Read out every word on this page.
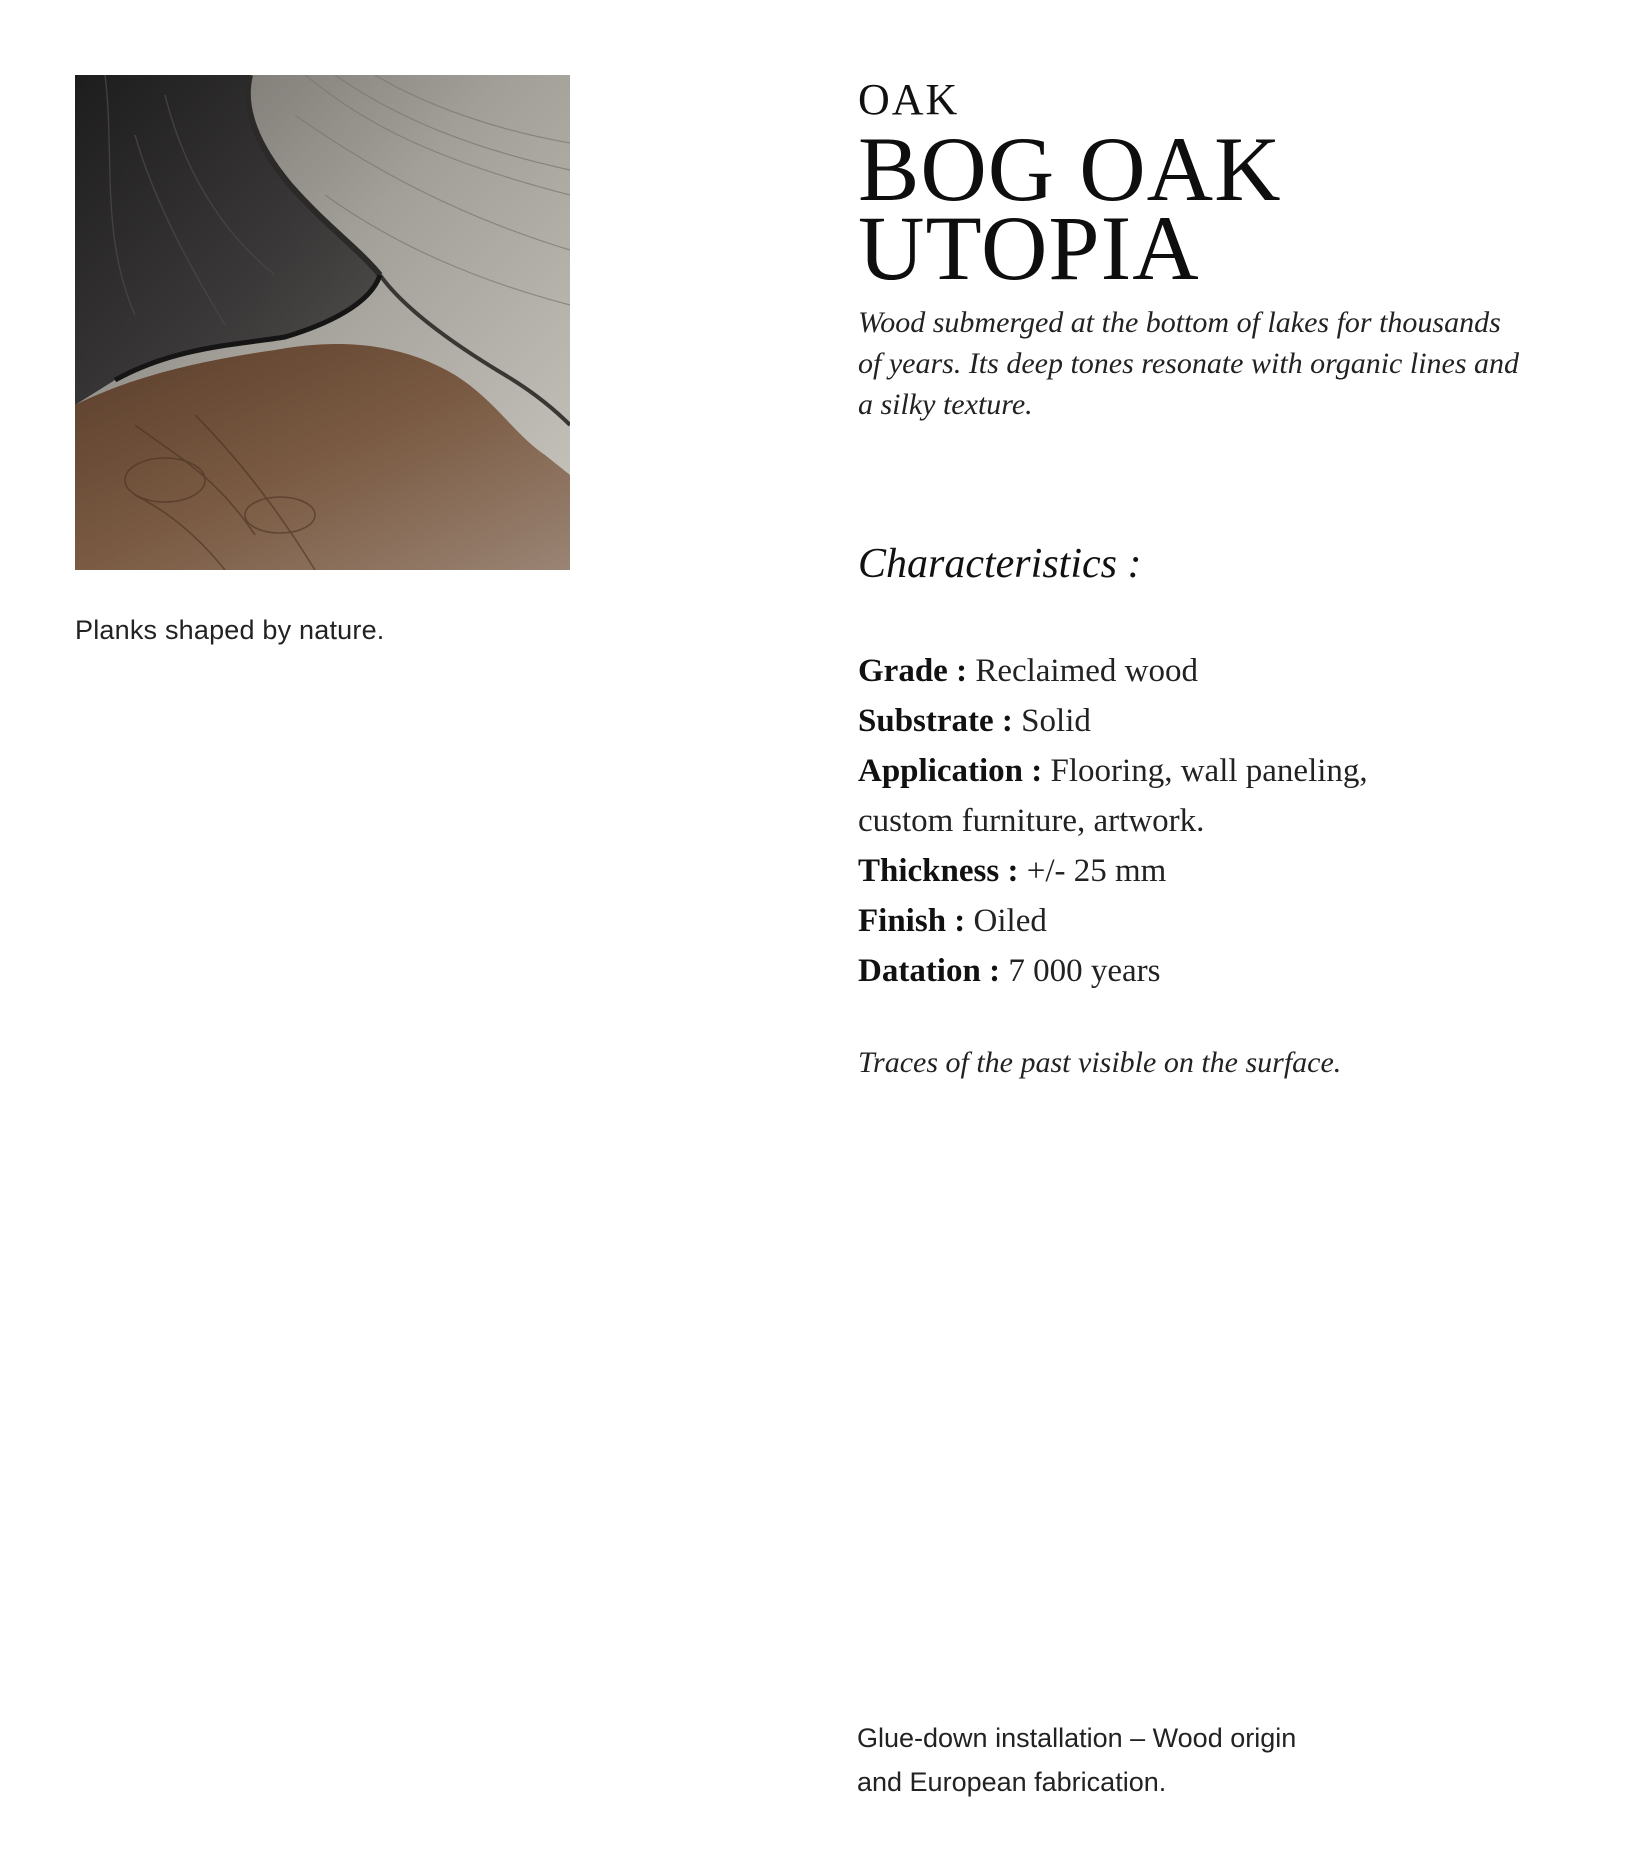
Planks shaped by nature.
OAK
BOG OAK
UTOPIA
Wood submerged at the bottom of lakes for thousands of years. Its deep tones resonate with organic lines and a silky texture.
Characteristics :
Grade : Reclaimed wood
Substrate : Solid
Application : Flooring, wall paneling, custom furniture, artwork.
Thickness : +/- 25 mm
Finish : Oiled
Datation : 7 000 years
Traces of the past visible on the surface.
Glue-down installation – Wood origin
and European fabrication.
